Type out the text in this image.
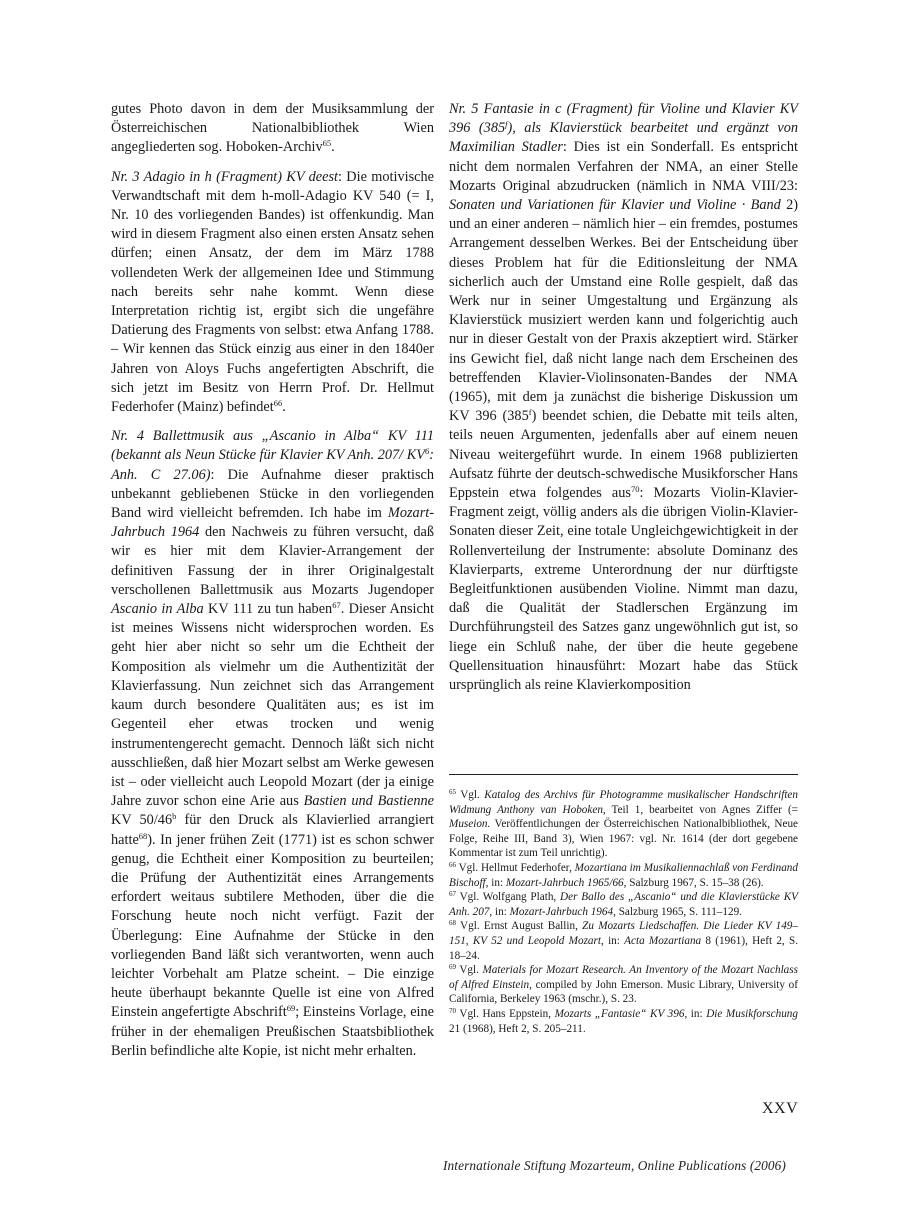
gutes Photo davon in dem der Musiksammlung der Österreichischen Nationalbibliothek Wien angegliederten sog. Hoboken-Archiv$^{65}$.

Nr. 3 Adagio in h (Fragment) KV deest: Die motivische Verwandtschaft mit dem h-moll-Adagio KV 540 (= I, Nr. 10 des vorliegenden Bandes) ist offenkundig. Man wird in diesem Fragment also einen ersten Ansatz sehen dürfen; einen Ansatz, der dem im März 1788 vollendeten Werk der allgemeinen Idee und Stimmung nach bereits sehr nahe kommt. Wenn diese Interpretation richtig ist, ergibt sich die ungefähre Datierung des Fragments von selbst: etwa Anfang 1788. – Wir kennen das Stück einzig aus einer in den 1840er Jahren von Aloys Fuchs angefertigten Abschrift, die sich jetzt im Besitz von Herrn Prof. Dr. Hellmut Federhofer (Mainz) befindet$^{66}$.

Nr. 4 Ballettmusik aus „Ascanio in Alba“ KV 111 (bekannt als Neun Stücke für Klavier KV Anh. 207/ $KV^6$: Anh. C 27.06): Die Aufnahme dieser praktisch unbekannt gebliebenen Stücke in den vorliegenden Band wird vielleicht befremden. Ich habe im Mozart-Jahrbuch 1964 den Nachweis zu führen versucht, daß wir es hier mit dem Klavier-Arrangement der definitiven Fassung der in ihrer Originalgestalt verschollenen Ballettmusik aus Mozarts Jugendoper Ascanio in Alba KV 111 zu tun haben$^{67}$. Dieser Ansicht ist meines Wissens nicht widersprochen worden. Es geht hier aber nicht so sehr um die Echtheit der Komposition als vielmehr um die Authentizität der Klavierfassung. Nun zeichnet sich das Arrangement kaum durch besondere Qualitäten aus; es ist im Gegenteil eher etwas trocken und wenig instrumentengerecht gemacht. Dennoch läßt sich nicht ausschließen, daß hier Mozart selbst am Werke gewesen ist – oder vielleicht auch Leopold Mozart (der ja einige Jahre zuvor schon eine Arie aus Bastien und Bastienne KV 50/46$^b$ für den Druck als Klavierlied arrangiert hatte$^{68}$). In jener frühen Zeit (1771) ist es schon schwer genug, die Echtheit einer Komposition zu beurteilen; die Prüfung der Authentizität eines Arrangements erfordert weitaus subtilere Methoden, über die die Forschung heute noch nicht verfügt. Fazit der Überlegung: Eine Aufnahme der Stücke in den vorliegenden Band läßt sich verantworten, wenn auch leichter Vorbehalt am Platze scheint. – Die einzige heute überhaupt bekannte Quelle ist eine von Alfred Einstein angefertigte Abschrift$^{69}$; Einsteins Vorlage, eine früher in der ehemaligen Preußischen Staatsbibliothek Berlin befindliche alte Kopie, ist nicht mehr erhalten.

Nr. 5 Fantasie in c (Fragment) für Violine und Klavier KV 396 (385$^f$), als Klavierstück bearbeitet und ergänzt von Maximilian Stadler: Dies ist ein Sonderfall. Es entspricht nicht dem normalen Verfahren der NMA, an einer Stelle Mozarts Original abzudrucken (nämlich in NMA VIII/23: Sonaten und Variationen für Klavier und Violine · Band 2) und an einer anderen – nämlich hier – ein fremdes, postumes Arrangement desselben Werkes. Bei der Entscheidung über dieses Problem hat für die Editionsleitung der NMA sicherlich auch der Umstand eine Rolle gespielt, daß das Werk nur in seiner Umgestaltung und Ergänzung als Klavierstück musiziert werden kann und folgerichtig auch nur in dieser Gestalt von der Praxis akzeptiert wird. Stärker ins Gewicht fiel, daß nicht lange nach dem Erscheinen des betreffenden Klavier-Violinsonaten-Bandes der NMA (1965), mit dem ja zunächst die bisherige Diskussion um KV 396 (385$^f$) beendet schien, die Debatte mit teils alten, teils neuen Argumenten, jedenfalls aber auf einem neuen Niveau weitergeführt wurde. In einem 1968 publizierten Aufsatz führte der deutsch-schwedische Musikforscher Hans Eppstein etwa folgendes aus$^{70}$: Mozarts Violin-Klavier-Fragment zeigt, völlig anders als die übrigen Violin-Klavier-Sonaten dieser Zeit, eine totale Ungleichgewichtigkeit in der Rollenverteilung der Instrumente: absolute Dominanz des Klavierparts, extreme Unterordnung der nur dürftigste Begleitfunktionen ausübenden Violine. Nimmt man dazu, daß die Qualität der Stadlerschen Ergänzung im Durchführungsteil des Satzes ganz ungewöhnlich gut ist, so liege ein Schluß nahe, der über die heute gegebene Quellensituation hinausführt: Mozart habe das Stück ursprünglich als reine Klavierkomposition

$^{65}$ Vgl. Katalog des Archivs für Photogramme musikalischer Handschriften Widmung Anthony van Hoboken, Teil 1, bearbeitet von Agnes Ziffer (= Museion. Veröffentlichungen der Österreichischen Nationalbibliothek, Neue Folge, Reihe III, Band 3), Wien 1967: vgl. Nr. 1614 (der dort gegebene Kommentar ist zum Teil unrichtig).

$^{66}$ Vgl. Hellmut Federhofer, Mozartiana im Musikaliennachlaß von Ferdinand Bischoff, in: Mozart-Jahrbuch 1965/66, Salzburg 1967, S. 15–38 (26).

$^{67}$ Vgl. Wolfgang Plath, Der Ballo des „Ascanio“ und die Klavierstücke KV Anh. 207, in: Mozart-Jahrbuch 1964, Salzburg 1965, S. 111–129.

$^{68}$ Vgl. Ernst August Ballin, Zu Mozarts Liedschaffen. Die Lieder KV 149–151, KV 52 und Leopold Mozart, in: Acta Mozartiana 8 (1961), Heft 2, S. 18–24.

$^{69}$ Vgl. Materials for Mozart Research. An Inventory of the Mozart Nachlass of Alfred Einstein, compiled by John Emerson. Music Library, University of California, Berkeley 1963 (mschr.), S. 23.

$^{70}$ Vgl. Hans Eppstein, Mozarts „Fantasie“ KV 396, in: Die Musikforschung 21 (1968), Heft 2, S. 205–211.

XXV
Internationale Stiftung Mozarteum, Online Publications (2006)
